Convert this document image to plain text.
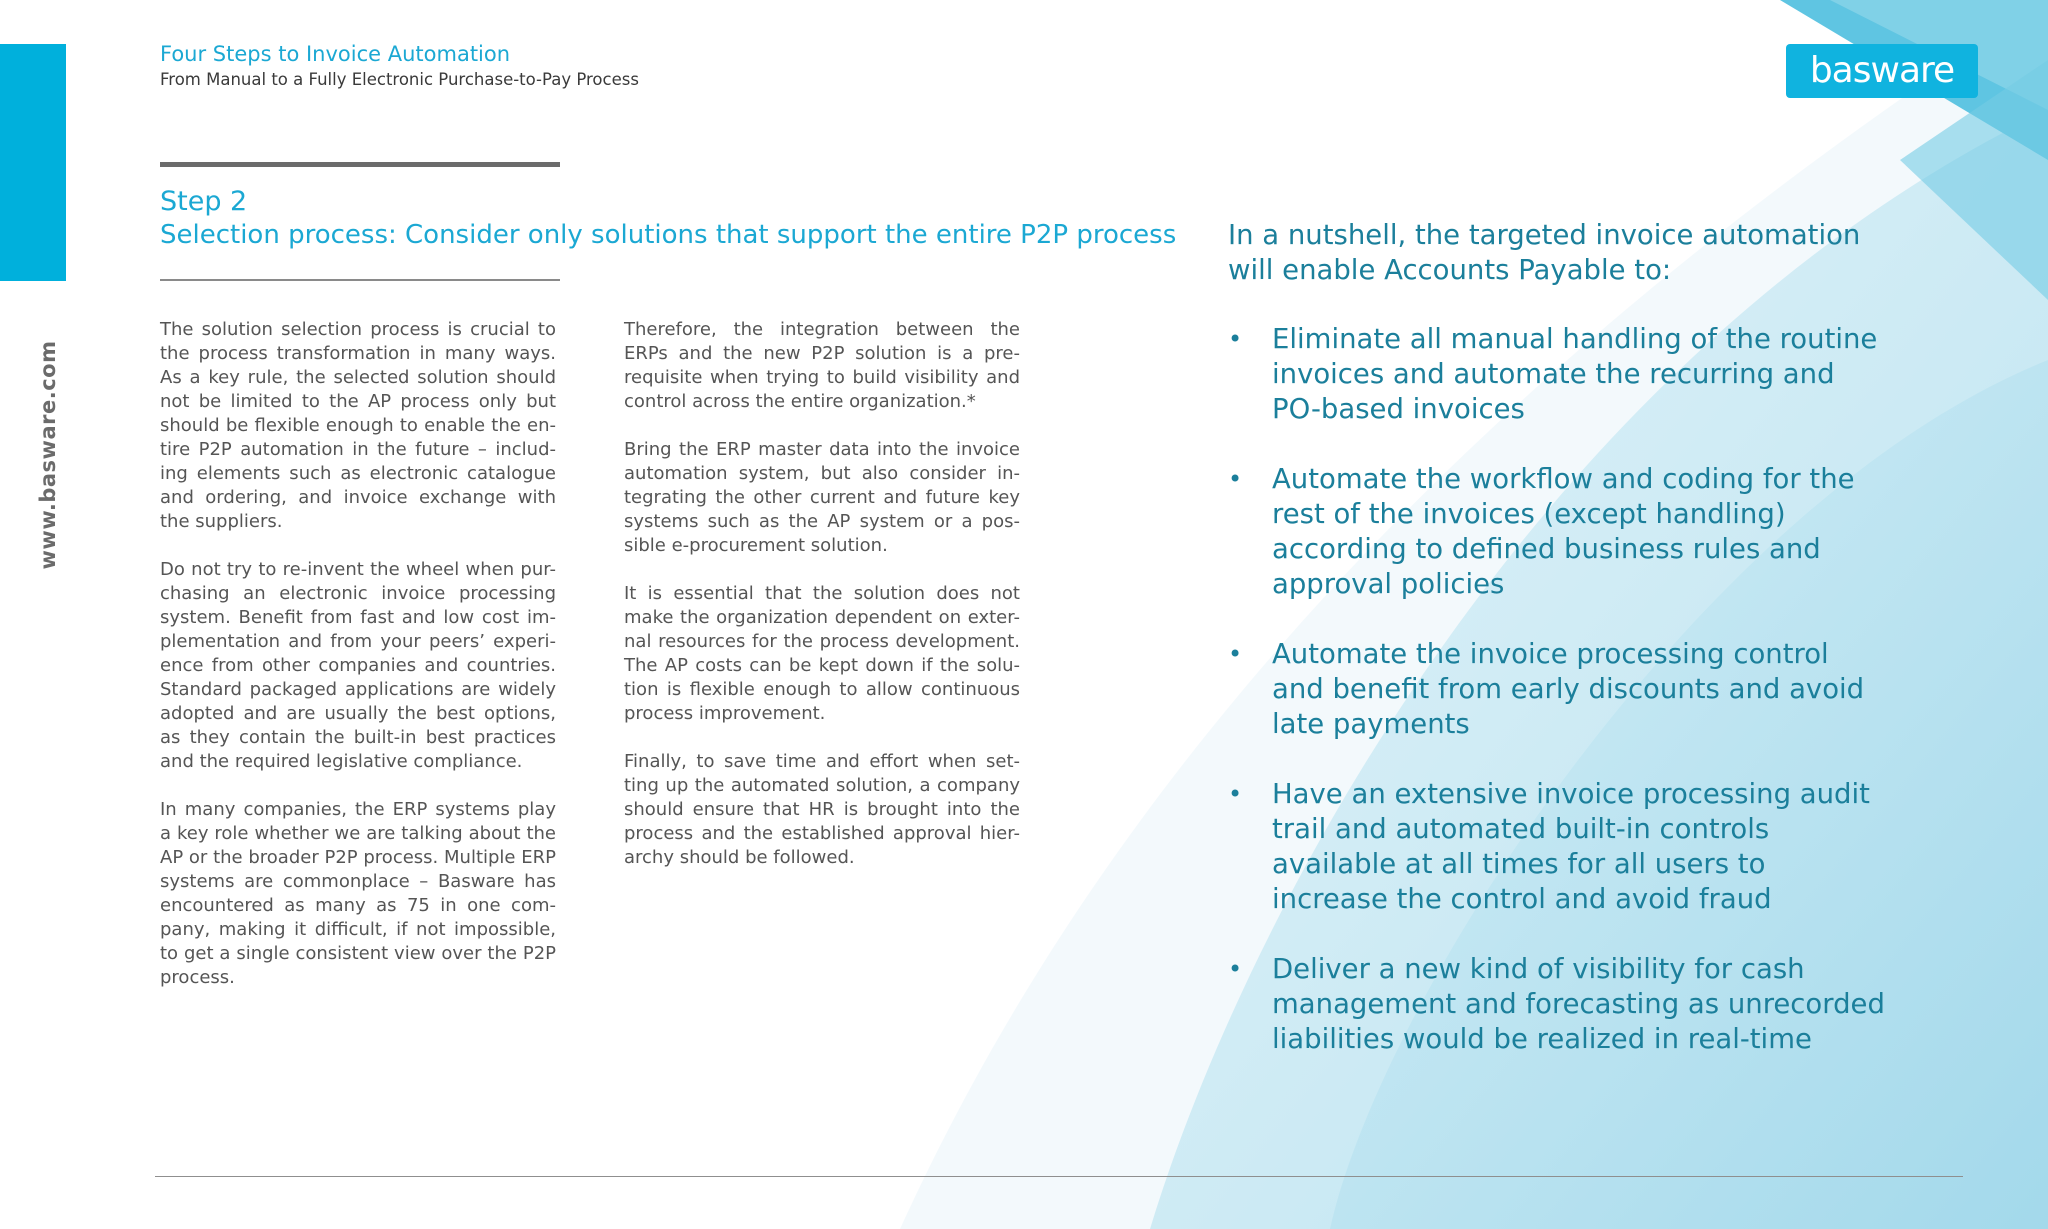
www.basware.com
Four Steps to Invoice Automation
From Manual to a Fully Electronic Purchase-to-Pay Process	basware
Step 2
Selection process: Consider only solutions that support the entire P2P process

The solution selection process is crucial to the process transformation in many ways. As a key rule, the selected solution should not be limited to the AP process only but should be flexible enough to enable the en-tire P2P automation in the future – includ-ing elements such as electronic catalogue and ordering, and invoice exchange with the suppliers.

Do not try to re-invent the wheel when pur-chasing an electronic invoice processing system. Benefit from fast and low cost im-plementation and from your peers’ experi-ence from other companies and countries. Standard packaged applications are widely adopted and are usually the best options, as they contain the built-in best practices and the required legislative compliance.

In many companies, the ERP systems play a key role whether we are talking about the AP or the broader P2P process. Multiple ERP systems are commonplace – Basware has encountered as many as 75 in one com-pany, making it difficult, if not impossible, to get a single consistent view over the P2P process.

Therefore, the integration between the ERPs and the new P2P solution is a pre-requisite when trying to build visibility and control across the entire organization.*

Bring the ERP master data into the invoice automation system, but also consider in-tegrating the other current and future key systems such as the AP system or a pos-sible e-procurement solution.

It is essential that the solution does not make the organization dependent on exter-nal resources for the process development. The AP costs can be kept down if the solu-tion is flexible enough to allow continuous process improvement.

Finally, to save time and effort when set-ting up the automated solution, a company should ensure that HR is brought into the process and the established approval hier-archy should be followed.

In a nutshell, the targeted invoice automation will enable Accounts Payable to:
• Eliminate all manual handling of the routine invoices and automate the recurring and PO-based invoices
• Automate the workflow and coding for the rest of the invoices (except handling) according to defined business rules and approval policies
• Automate the invoice processing control and benefit from early discounts and avoid late payments
• Have an extensive invoice processing audit trail and automated built-in controls available at all times for all users to increase the control and avoid fraud
• Deliver a new kind of visibility for cash management and forecasting as unrecorded liabilities would be realized in real-time
